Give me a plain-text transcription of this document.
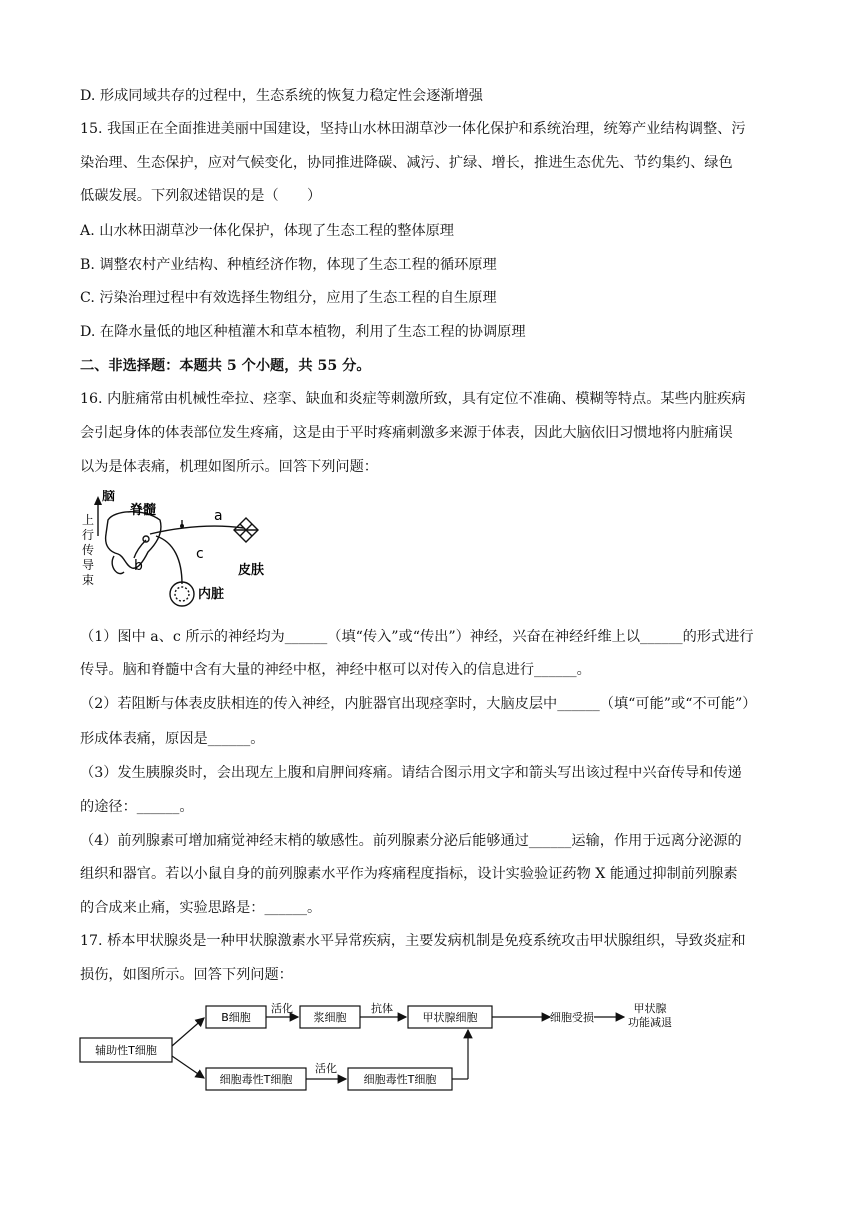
D. 形成同域共存的过程中，生态系统的恢复力稳定性会逐渐增强
15. 我国正在全面推进美丽中国建设，坚持山水林田湖草沙一体化保护和系统治理，统筹产业结构调整、污
染治理、生态保护，应对气候变化，协同推进降碳、减污、扩绿、增长，推进生态优先、节约集约、绿色
低碳发展。下列叙述错误的是（　　）
A. 山水林田湖草沙一体化保护，体现了生态工程的整体原理
B. 调整农村产业结构、种植经济作物，体现了生态工程的循环原理
C. 污染治理过程中有效选择生物组分，应用了生态工程的自生原理
D. 在降水量低的地区种植灌木和草本植物，利用了生态工程的协调原理
二、非选择题：本题共 5 个小题，共 55 分。
16. 内脏痛常由机械性牵拉、痉挛、缺血和炎症等刺激所致，具有定位不准确、模糊等特点。某些内脏疾病
会引起身体的体表部位发生疼痛，这是由于平时疼痛刺激多来源于体表，因此大脑依旧习惯地将内脏痛误
以为是体表痛，机理如图所示。回答下列问题：
脑
脊髓
上
行
传
导
束
a
b
c
皮肤
内脏
（1）图中 a、c 所示的神经均为______（填“传入”或“传出”）神经，兴奋在神经纤维上以______的形式进行
传导。脑和脊髓中含有大量的神经中枢，神经中枢可以对传入的信息进行______。
（2）若阻断与体表皮肤相连的传入神经，内脏器官出现痉挛时，大脑皮层中______（填“可能”或“不可能”）
形成体表痛，原因是______。
（3）发生胰腺炎时，会出现左上腹和肩胛间疼痛。请结合图示用文字和箭头写出该过程中兴奋传导和传递
的途径：______。
（4）前列腺素可增加痛觉神经末梢的敏感性。前列腺素分泌后能够通过______运输，作用于远离分泌源的
组织和器官。若以小鼠自身的前列腺素水平作为疼痛程度指标，设计实验验证药物 X 能通过抑制前列腺素
的合成来止痛，实验思路是：______。
17. 桥本甲状腺炎是一种甲状腺激素水平异常疾病，主要发病机制是免疫系统攻击甲状腺组织，导致炎症和
损伤，如图所示。回答下列问题：
辅助性T细胞
B细胞
活化
浆细胞
抗体
甲状腺细胞	细胞受损
甲状腺
功能减退
细胞毒性T细胞
活化
细胞毒性T细胞
